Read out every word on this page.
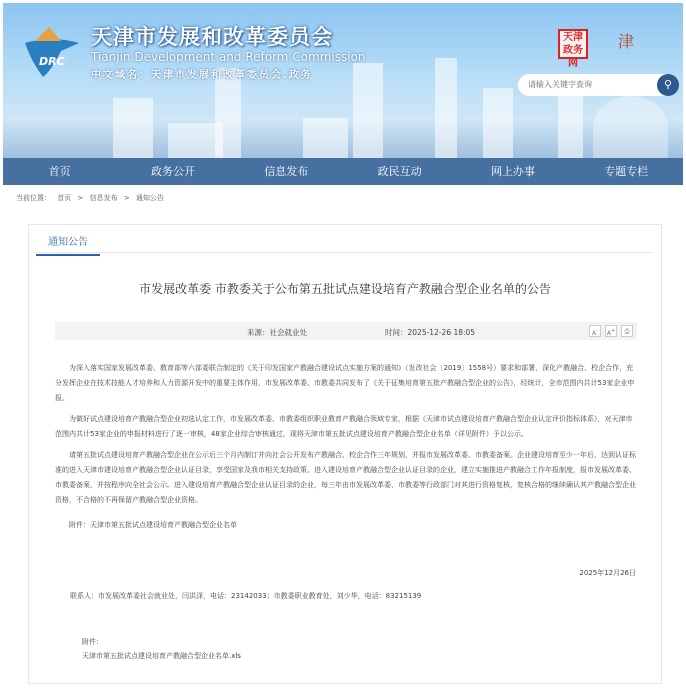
DRC
天津市发展和改革委员会
Tianjin Development and Reform Commission
中文域名：天津市发展和改革委员会.政务
天津政务网
津
请输入关键字查询	⚲
首页	政务公开	信息发布	政民互动	网上办事	专题专栏
当前位置： 首页 > 信息发布 > 通知公告
通知公告
市发展改革委 市教委关于公布第五批试点建设培育产教融合型企业名单的公告
来源：社会就业处	时间：2025-12-26 18:05	A-	A+	⎙
为深入落实国家发展改革委、教育部等六部委联合制定的《关于印发国家产教融合建设试点实施方案的通知》（发改社会〔2019〕1558号）要求和部署，深化产教融合、校企合作，充分发挥企业在技术技能人才培养和人力资源开发中的重要主体作用，市发展改革委、市教委共同发布了《关于征集培育第五批产教融合型企业的公告》，经统计，全市范围内共计53家企业申报。
为做好试点建设培育产教融合型企业初选认定工作，市发展改革委、市教委组织职业教育产教融合领域专家，根据《天津市试点建设培育产教融合型企业认定评价指标体系》，对天津市范围内共计53家企业的申报材料进行了逐一审核，48家企业综合审核通过，现将天津市第五批试点建设培育产教融合型企业名单（详见附件）予以公示。
请第五批试点建设培育产教融合型企业在公示后三个月内制订并向社会公开发布产教融合、校企合作三年规划，并报市发展改革委、市教委备案。企业建设培育至少一年后，达到认证标准的进入天津市建设培育产教融合型企业认证目录，享受国家及我市相关支持政策。进入建设培育产教融合型企业认证目录的企业，建立实施推进产教融合工作年报制度，报市发展改革委、市教委备案，并按程序向全社会公示。进入建设培育产教融合型企业认证目录的企业，每三年由市发展改革委、市教委等行政部门对其进行资格复核，复核合格的继续确认其产教融合型企业资格，不合格的不再保留产教融合型企业资格。
附件：天津市第五批试点建设培育产教融合型企业名单
2025年12月26日
联系人：市发展改革委社会就业处，闫洪泽，电话：23142033；市教委职业教育处，刘少华，电话：83215139
附件：
天津市第五批试点建设培育产教融合型企业名单.xls
